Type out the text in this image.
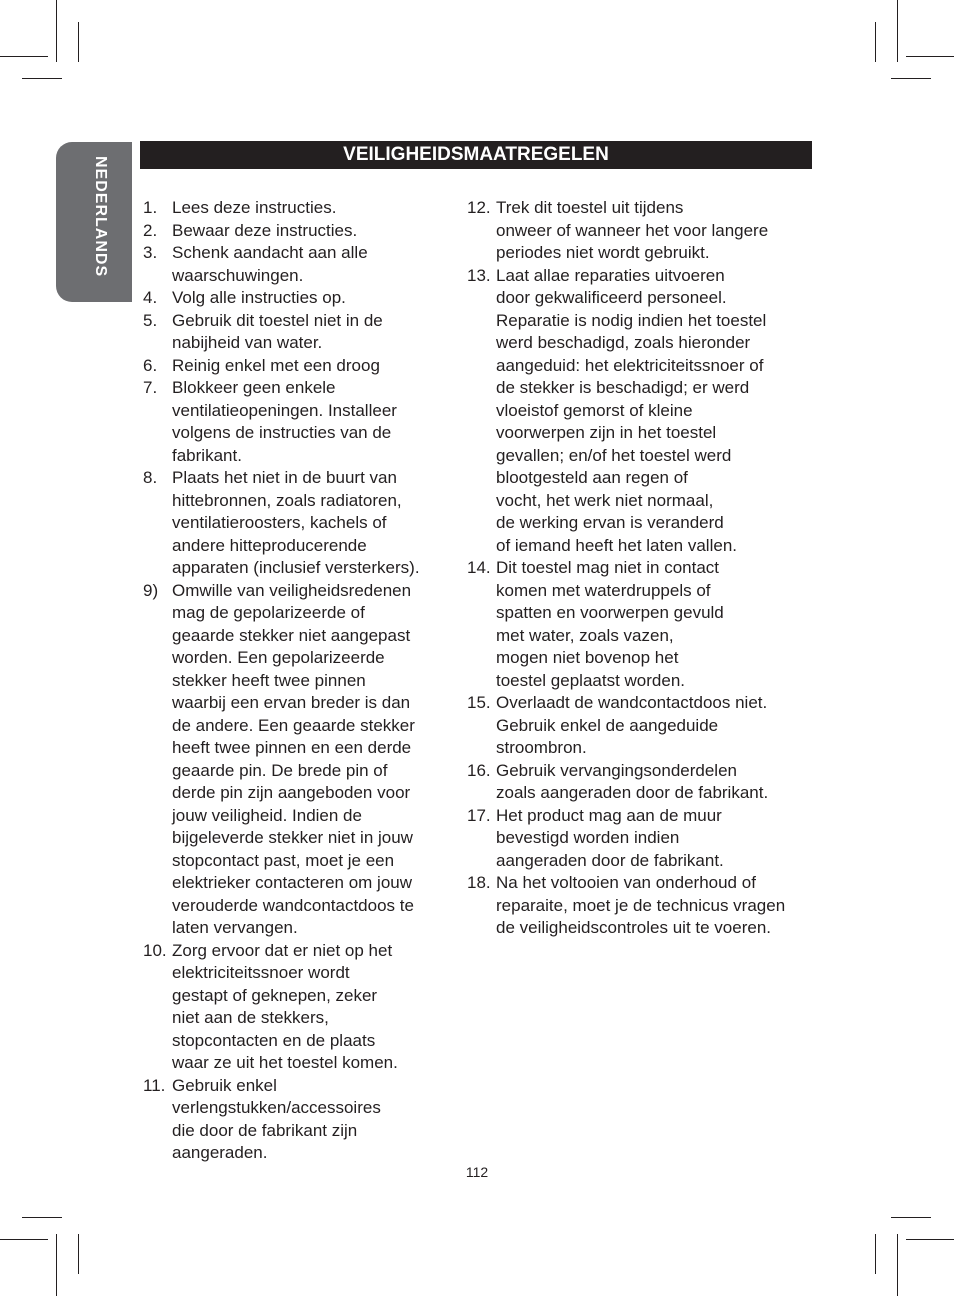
NEDERLANDS
VEILIGHEIDSMAATREGELEN
1. Lees deze instructies.
2. Bewaar deze instructies.
3. Schenk aandacht aan alle
waarschuwingen.
4. Volg alle instructies op.
5. Gebruik dit toestel niet in de
nabijheid van water.
6. Reinig enkel met een droog
7. Blokkeer geen enkele
ventilatieopeningen. Installeer
volgens de instructies van de
fabrikant.
8. Plaats het niet in de buurt van
hittebronnen, zoals radiatoren,
ventilatieroosters, kachels of
andere hitteproducerende
apparaten (inclusief versterkers).
9) Omwille van veiligheidsredenen
mag de gepolarizeerde of
geaarde stekker niet aangepast
worden. Een gepolarizeerde
stekker heeft twee pinnen
waarbij een ervan breder is dan
de andere. Een geaarde stekker
heeft twee pinnen en een derde
geaarde pin. De brede pin of
derde pin zijn aangeboden voor
jouw veiligheid. Indien de
bijgeleverde stekker niet in jouw
stopcontact past, moet je een
elektrieker contacteren om jouw
verouderde wandcontactdoos te
laten vervangen.
10. Zorg ervoor dat er niet op het
elektriciteitssnoer wordt
gestapt of geknepen, zeker
niet aan de stekkers,
stopcontacten en de plaats
waar ze uit het toestel komen.
11. Gebruik enkel
verlengstukken/accessoires
die door de fabrikant zijn
aangeraden.
12. Trek dit toestel uit tijdens
onweer of wanneer het voor langere
periodes niet wordt gebruikt.
13. Laat allae reparaties uitvoeren
door gekwalificeerd personeel.
Reparatie is nodig indien het toestel
werd beschadigd, zoals hieronder
aangeduid: het elektriciteitssnoer of
de stekker is beschadigd; er werd
vloeistof gemorst of kleine
voorwerpen zijn in het toestel
gevallen; en/of het toestel werd
blootgesteld aan regen of
vocht, het werk niet normaal,
de werking ervan is veranderd
of iemand heeft het laten vallen.
14. Dit toestel mag niet in contact
komen met waterdruppels of
spatten en voorwerpen gevuld
met water, zoals vazen,
mogen niet bovenop het
toestel geplaatst worden.
15. Overlaadt de wandcontactdoos niet.
Gebruik enkel de aangeduide
stroombron.
16. Gebruik vervangingsonderdelen
zoals aangeraden door de fabrikant.
17. Het product mag aan de muur
bevestigd worden indien
aangeraden door de fabrikant.
18. Na het voltooien van onderhoud of
reparaite, moet je de technicus vragen
de veiligheidscontroles uit te voeren.
112
